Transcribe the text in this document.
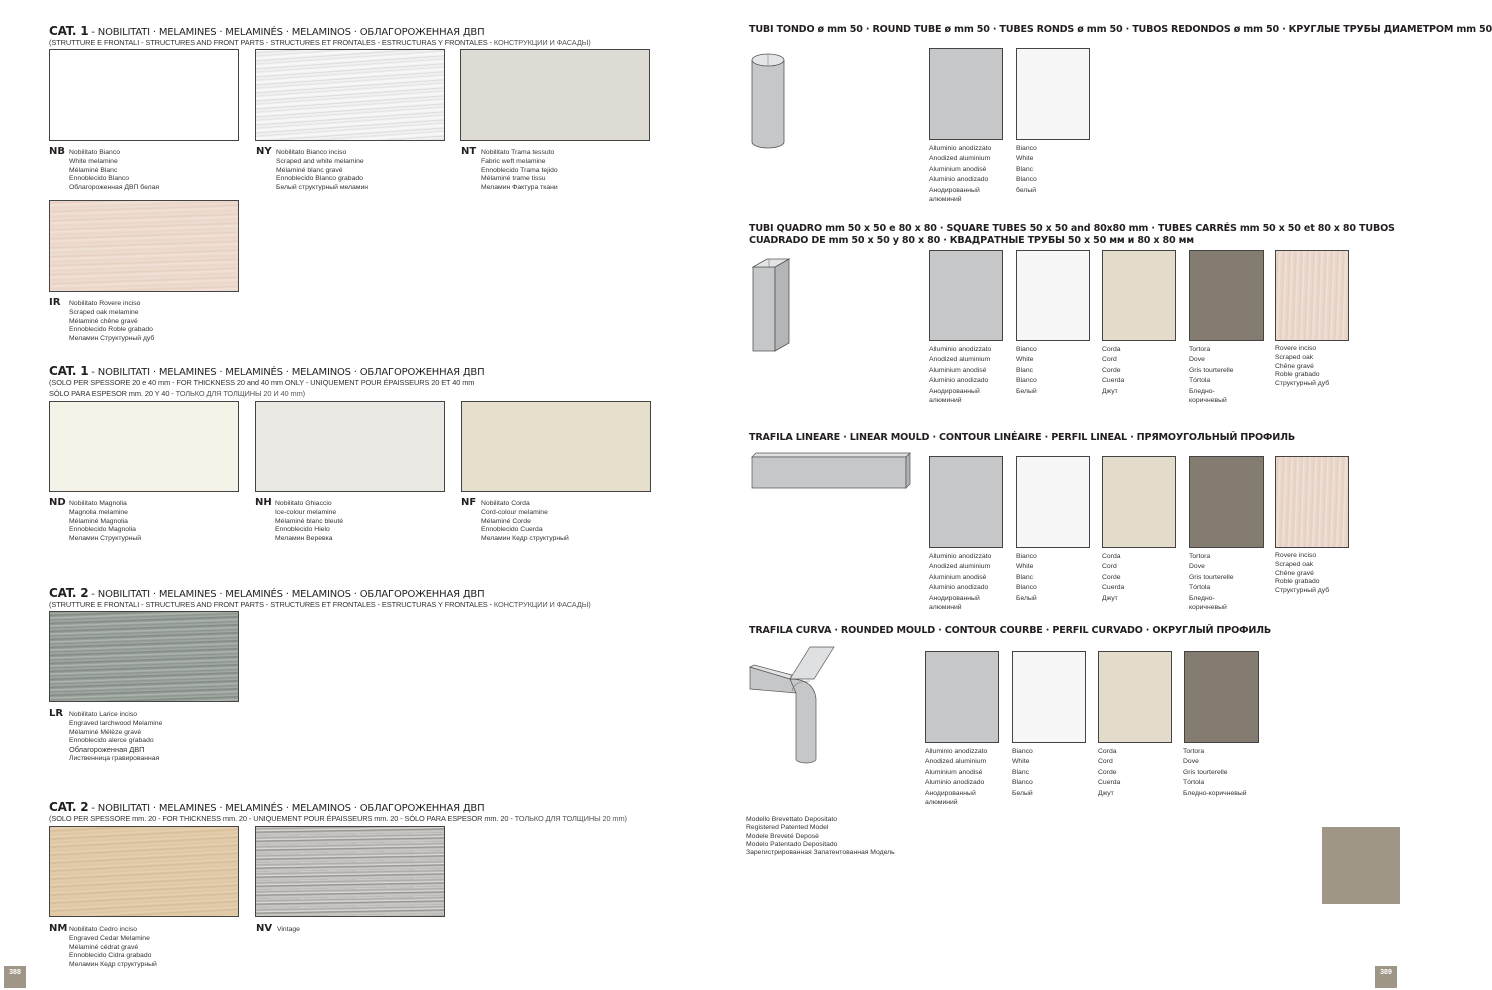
CAT. 1 - NOBILITATI · MELAMINES · MELAMINÉS · MELAMINOS · ОБЛАГОРОЖЕННАЯ ДВП
(STRUTTURE E FRONTALI - STRUCTURES AND FRONT PARTS - STRUCTURES ET FRONTALES - ESTRUCTURAS Y FRONTALES - КОНСТРУКЦИИ И ФАСАДЫ)
NB Nobilitato Bianco
White melamine
Mélaminé Blanc
Ennoblecido Blanco
Облагороженная ДВП белая
NY Nobilitato Bianco inciso
Scraped and white melamine
Mélaminé blanc gravé
Ennoblecido Blanco grabado
Белый структурный меламин
NT Nobilitato Trama tessuto
Fabric weft melamine
Ennoblecido Trama tejido
Mélaminé trame tissu
Меламин Фактура ткани
IR Nobilitato Rovere inciso
Scraped oak melamine
Mélaminé chêne gravé
Ennoblecido Roble grabado
Меламин Структурный дуб
CAT. 1 - NOBILITATI · MELAMINES · MELAMINÉS · MELAMINOS · ОБЛАГОРОЖЕННАЯ ДВП
(SOLO PER SPESSORE 20 e 40 mm - FOR THICKNESS 20 and 40 mm ONLY - UNIQUEMENT POUR ÉPAISSEURS 20 ET 40 mm
SÓLO PARA ESPESOR mm. 20 Y 40 - ТОЛЬКО ДЛЯ ТОЛЩИНЫ 20 И 40 mm)
ND Nobilitato Magnolia
Magnolia melamine
Mélaminé Magnolia
Ennoblecido Magnolia
Меламин Структурный
NH Nobilitato Ghiaccio
Ice-colour melamine
Mélaminé blanc bleuté
Ennoblecido Hielo
Меламин Веревка
NF Nobilitato Corda
Cord-colour melamine
Mélaminé Corde
Ennoblecido Cuerda
Меламин Кедр структурный
CAT. 2 - NOBILITATI · MELAMINES · MELAMINÉS · MELAMINOS · ОБЛАГОРОЖЕННАЯ ДВП
(STRUTTURE E FRONTALI - STRUCTURES AND FRONT PARTS - STRUCTURES ET FRONTALES - ESTRUCTURAS Y FRONTALES - КОНСТРУКЦИИ И ФАСАДЫ)
LR Nobilitato Larice inciso
Engraved larchwood Melamine
Mélaminé Mélèze gravé
Ennoblecido alerce grabado
Облагороженная ДВП
Лиственница гравированная
CAT. 2 - NOBILITATI · MELAMINES · MELAMINÉS · MELAMINOS · ОБЛАГОРОЖЕННАЯ ДВП
(SOLO PER SPESSORE mm. 20 - FOR THICKNESS mm. 20 - UNIQUEMENT POUR ÉPAISSEURS mm. 20 - SÓLO PARA ESPESOR mm. 20 - ТОЛЬКО ДЛЯ ТОЛЩИНЫ 20 mm)
NM Nobilitato Cedro inciso
Engraved Cedar Melamine
Mélaminé cédrat gravé
Ennoblecido Cidra grabado
Меламин Кедр структурный
NV Vintage
388
TUBI TONDO ø mm 50 · ROUND TUBE ø mm 50 · TUBES RONDS ø mm 50 · TUBOS REDONDOS ø mm 50 · КРУГЛЫЕ ТРУБЫ ДИАМЕТРОМ mm 50
Alluminio anodizzato
Anodized aluminium
Aluminium anodisé
Aluminio anodizado
Анодированный
алюминий
Bianco
White
Blanc
Blanco
белый
TUBI QUADRO mm 50 x 50 e 80 x 80 · SQUARE TUBES 50 x 50 and 80x80 mm · TUBES CARRÉS mm 50 x 50 et 80 x 80 TUBOS
CUADRADO DE mm 50 x 50 y 80 x 80 · КВАДРАТНЫЕ ТРУБЫ 50 x 50 мм и 80 x 80 мм
Alluminio anodizzato
Anodized aluminium
Aluminium anodisé
Aluminio anodizado
Анодированный
алюминий
Bianco
White
Blanc
Blanco
Белый
Corda
Cord
Corde
Cuerda
Джут
Tortora
Dove
Gris tourterelle
Tórtola
Бледно-
коричневый
Rovere inciso
Scraped oak
Chêne gravé
Roble grabado
Структурный дуб
TRAFILA LINEARE · LINEAR MOULD · CONTOUR LINÉAIRE · PERFIL LINEAL · ПРЯМОУГОЛЬНЫЙ ПРОФИЛЬ
Alluminio anodizzato
Anodized aluminium
Aluminium anodisé
Aluminio anodizado
Анодированный
алюминий
Bianco
White
Blanc
Blanco
Белый
Corda
Cord
Corde
Cuerda
Джут
Tortora
Dove
Gris tourterelle
Tórtola
Бледно-
коричневый
Rovere inciso
Scraped oak
Chêne gravé
Roble grabado
Структурный дуб
TRAFILA CURVA · ROUNDED MOULD · CONTOUR COURBE · PERFIL CURVADO · ОКРУГЛЫЙ ПРОФИЛЬ
Alluminio anodizzato
Anodized aluminium
Aluminium anodisé
Aluminio anodizado
Анодированный
алюминий
Bianco
White
Blanc
Blanco
Белый
Corda
Cord
Corde
Cuerda
Джут
Tortora
Dove
Gris tourterelle
Tórtola
Бледно-коричневый
Modello Brevettato Depositato
Registered Patented Model
Modele Breveté Deposé
Modelo Patentado Depositado
Зарегистрированная Запатентованная Модель
389
